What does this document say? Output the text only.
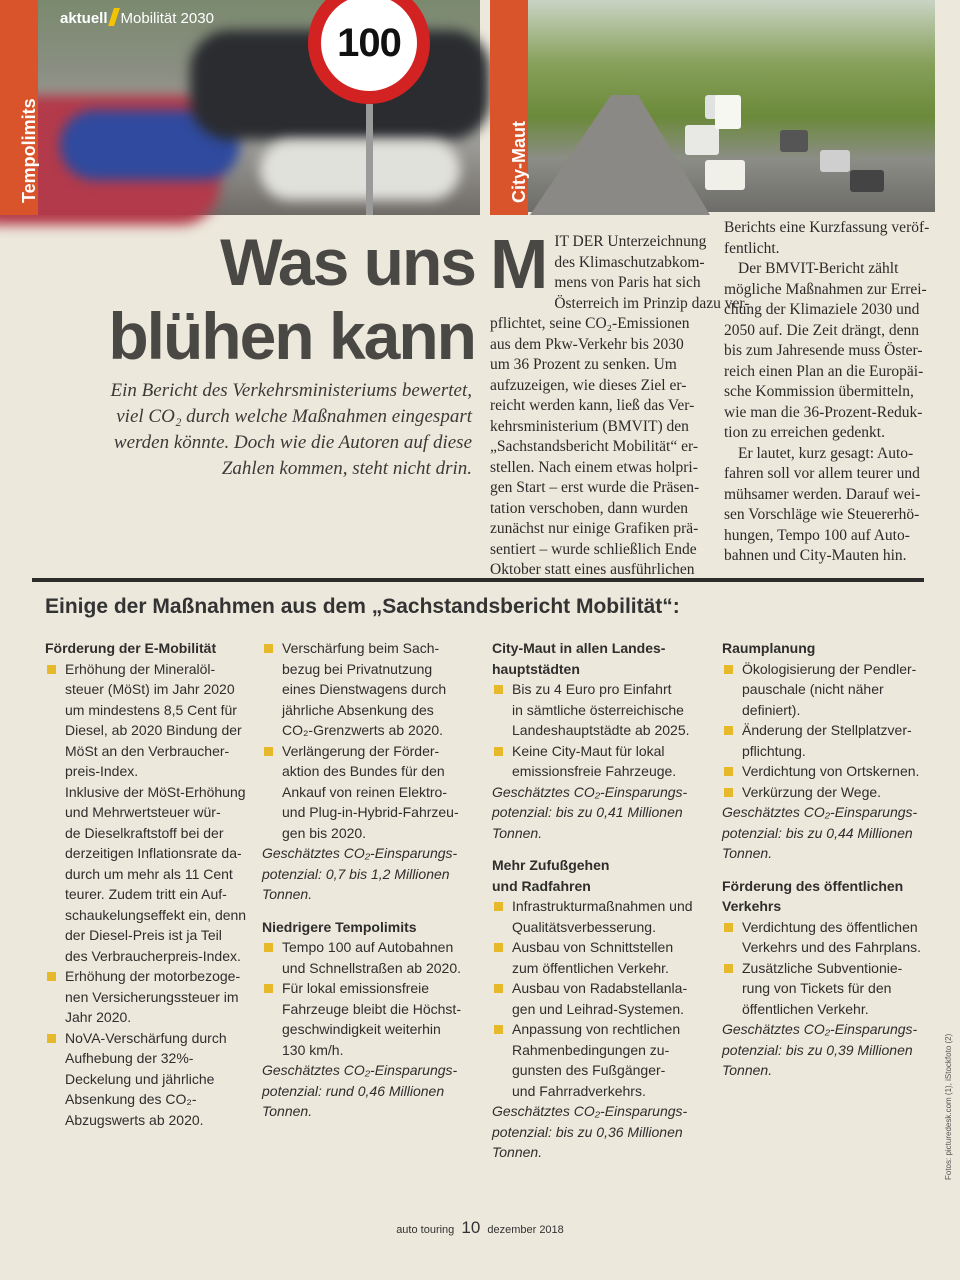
Tempolimits
aktuell Mobilität 2030
100
City-Maut
Was uns
blühen kann
Ein Bericht des Verkehrsministeriums bewertet,
viel CO₂ durch welche Maßnahmen eingespart
werden könnte. Doch wie die Autoren auf diese
Zahlen kommen, steht nicht drin.
M IT DER Unterzeichnung
des Klimaschutzabkom-
mens von Paris hat sich
Österreich im Prinzip dazu ver-
pflichtet, seine CO₂-Emissionen
aus dem Pkw-Verkehr bis 2030
um 36 Prozent zu senken. Um
aufzuzeigen, wie dieses Ziel er-
reicht werden kann, ließ das Ver-
kehrsministerium (BMVIT) den
„Sachstandsbericht Mobilität“ er-
stellen. Nach einem etwas holpri-
gen Start – erst wurde die Präsen-
tation verschoben, dann wurden
zunächst nur einige Grafiken prä-
sentiert – wurde schließlich Ende
Oktober statt eines ausführlichen
Berichts eine Kurzfassung veröf-
fentlicht.
Der BMVIT-Bericht zählt
mögliche Maßnahmen zur Errei-
chung der Klimaziele 2030 und
2050 auf. Die Zeit drängt, denn
bis zum Jahresende muss Öster-
reich einen Plan an die Europäi-
sche Kommission übermitteln,
wie man die 36-Prozent-Reduk-
tion zu erreichen gedenkt.
Er lautet, kurz gesagt: Auto-
fahren soll vor allem teurer und
mühsamer werden. Darauf wei-
sen Vorschläge wie Steuererhö-
hungen, Tempo 100 auf Auto-
bahnen und City-Mauten hin.
Einige der Maßnahmen aus dem „Sachstandsbericht Mobilität“:
Förderung der E-Mobilität
Erhöhung der Mineralöl-
steuer (MöSt) im Jahr 2020
um mindestens 8,5 Cent für
Diesel, ab 2020 Bindung der
MöSt an den Verbraucher-
preis-Index.
Inklusive der MöSt-Erhöhung
und Mehrwertsteuer wür-
de Dieselkraftstoff bei der
derzeitigen Inflationsrate da-
durch um mehr als 11 Cent
teurer. Zudem tritt ein Auf-
schaukelungseffekt ein, denn
der Diesel-Preis ist ja Teil
des Verbraucherpreis-Index.
Erhöhung der motorbezoge-
nen Versicherungssteuer im
Jahr 2020.
NoVA-Verschärfung durch
Aufhebung der 32%-
Deckelung und jährliche
Absenkung des CO₂-
Abzugswerts ab 2020.
Verschärfung beim Sach-
bezug bei Privatnutzung
eines Dienstwagens durch
jährliche Absenkung des
CO₂-Grenzwerts ab 2020.
Verlängerung der Förder-
aktion des Bundes für den
Ankauf von reinen Elektro-
und Plug-in-Hybrid-Fahrzeu-
gen bis 2020.
Geschätztes CO₂-Einsparungs-
potenzial: 0,7 bis 1,2 Millionen
Tonnen.
Niedrigere Tempolimits
Tempo 100 auf Autobahnen
und Schnellstraßen ab 2020.
Für lokal emissionsfreie
Fahrzeuge bleibt die Höchst-
geschwindigkeit weiterhin
130 km/h.
Geschätztes CO₂-Einsparungs-
potenzial: rund 0,46 Millionen
Tonnen.
City-Maut in allen Landes-
hauptstädten
Bis zu 4 Euro pro Einfahrt
in sämtliche österreichische
Landeshauptstädte ab 2025.
Keine City-Maut für lokal
emissionsfreie Fahrzeuge.
Geschätztes CO₂-Einsparungs-
potenzial: bis zu 0,41 Millionen
Tonnen.
Mehr Zufußgehen
und Radfahren
Infrastrukturmaßnahmen und
Qualitätsverbesserung.
Ausbau von Schnittstellen
zum öffentlichen Verkehr.
Ausbau von Radabstellanla-
gen und Leihrad-Systemen.
Anpassung von rechtlichen
Rahmenbedingungen zu-
gunsten des Fußgänger-
und Fahrradverkehrs.
Geschätztes CO₂-Einsparungs-
potenzial: bis zu 0,36 Millionen
Tonnen.
Raumplanung
Ökologisierung der Pendler-
pauschale (nicht näher
definiert).
Änderung der Stellplatzver-
pflichtung.
Verdichtung von Ortskernen.
Verkürzung der Wege.
Geschätztes CO₂-Einsparungs-
potenzial: bis zu 0,44 Millionen
Tonnen.
Förderung des öffentlichen
Verkehrs
Verdichtung des öffentlichen
Verkehrs und des Fahrplans.
Zusätzliche Subventionie-
rung von Tickets für den
öffentlichen Verkehr.
Geschätztes CO₂-Einsparungs-
potenzial: bis zu 0,39 Millionen
Tonnen.
auto touring 10 dezember 2018
Fotos: picturedesk.com (1), iStockfoto (2)
